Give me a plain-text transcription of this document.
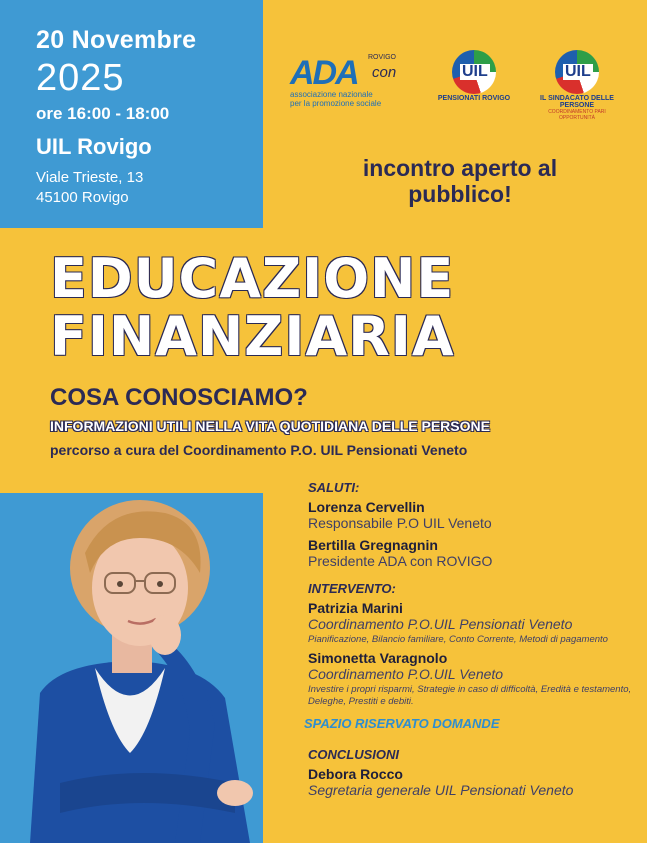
20 Novembre
2025
ore 16:00 - 18:00
UIL Rovigo
Viale Trieste, 13
45100 Rovigo
ROVIGO
ADA con
associazione nazionale
per la promozione sociale
UIL
PENSIONATI ROVIGO
UIL
IL SINDACATO DELLE PERSONE
COORDINAMENTO PARI OPPORTUNITÀ
incontro aperto al
pubblico!
EDUCAZIONE
FINANZIARIA
COSA CONOSCIAMO?
INFORMAZIONI UTILI NELLA VITA QUOTIDIANA DELLE PERSONE
percorso a cura del Coordinamento P.O. UIL Pensionati Veneto
SALUTI:
Lorenza Cervellin
Responsabile P.O UIL Veneto
Bertilla Gregnagnin
Presidente ADA con ROVIGO
INTERVENTO:
Patrizia Marini
Coordinamento P.O.UIL Pensionati Veneto
Pianificazione, Bilancio familiare, Conto Corrente, Metodi di pagamento
Simonetta Varagnolo
Coordinamento P.O.UIL Veneto
Investire i propri risparmi, Strategie in caso di difficoltà, Eredità e testamento, Deleghe, Prestiti e debiti.
SPAZIO RISERVATO DOMANDE
CONCLUSIONI
Debora Rocco
Segretaria generale UIL Pensionati Veneto
